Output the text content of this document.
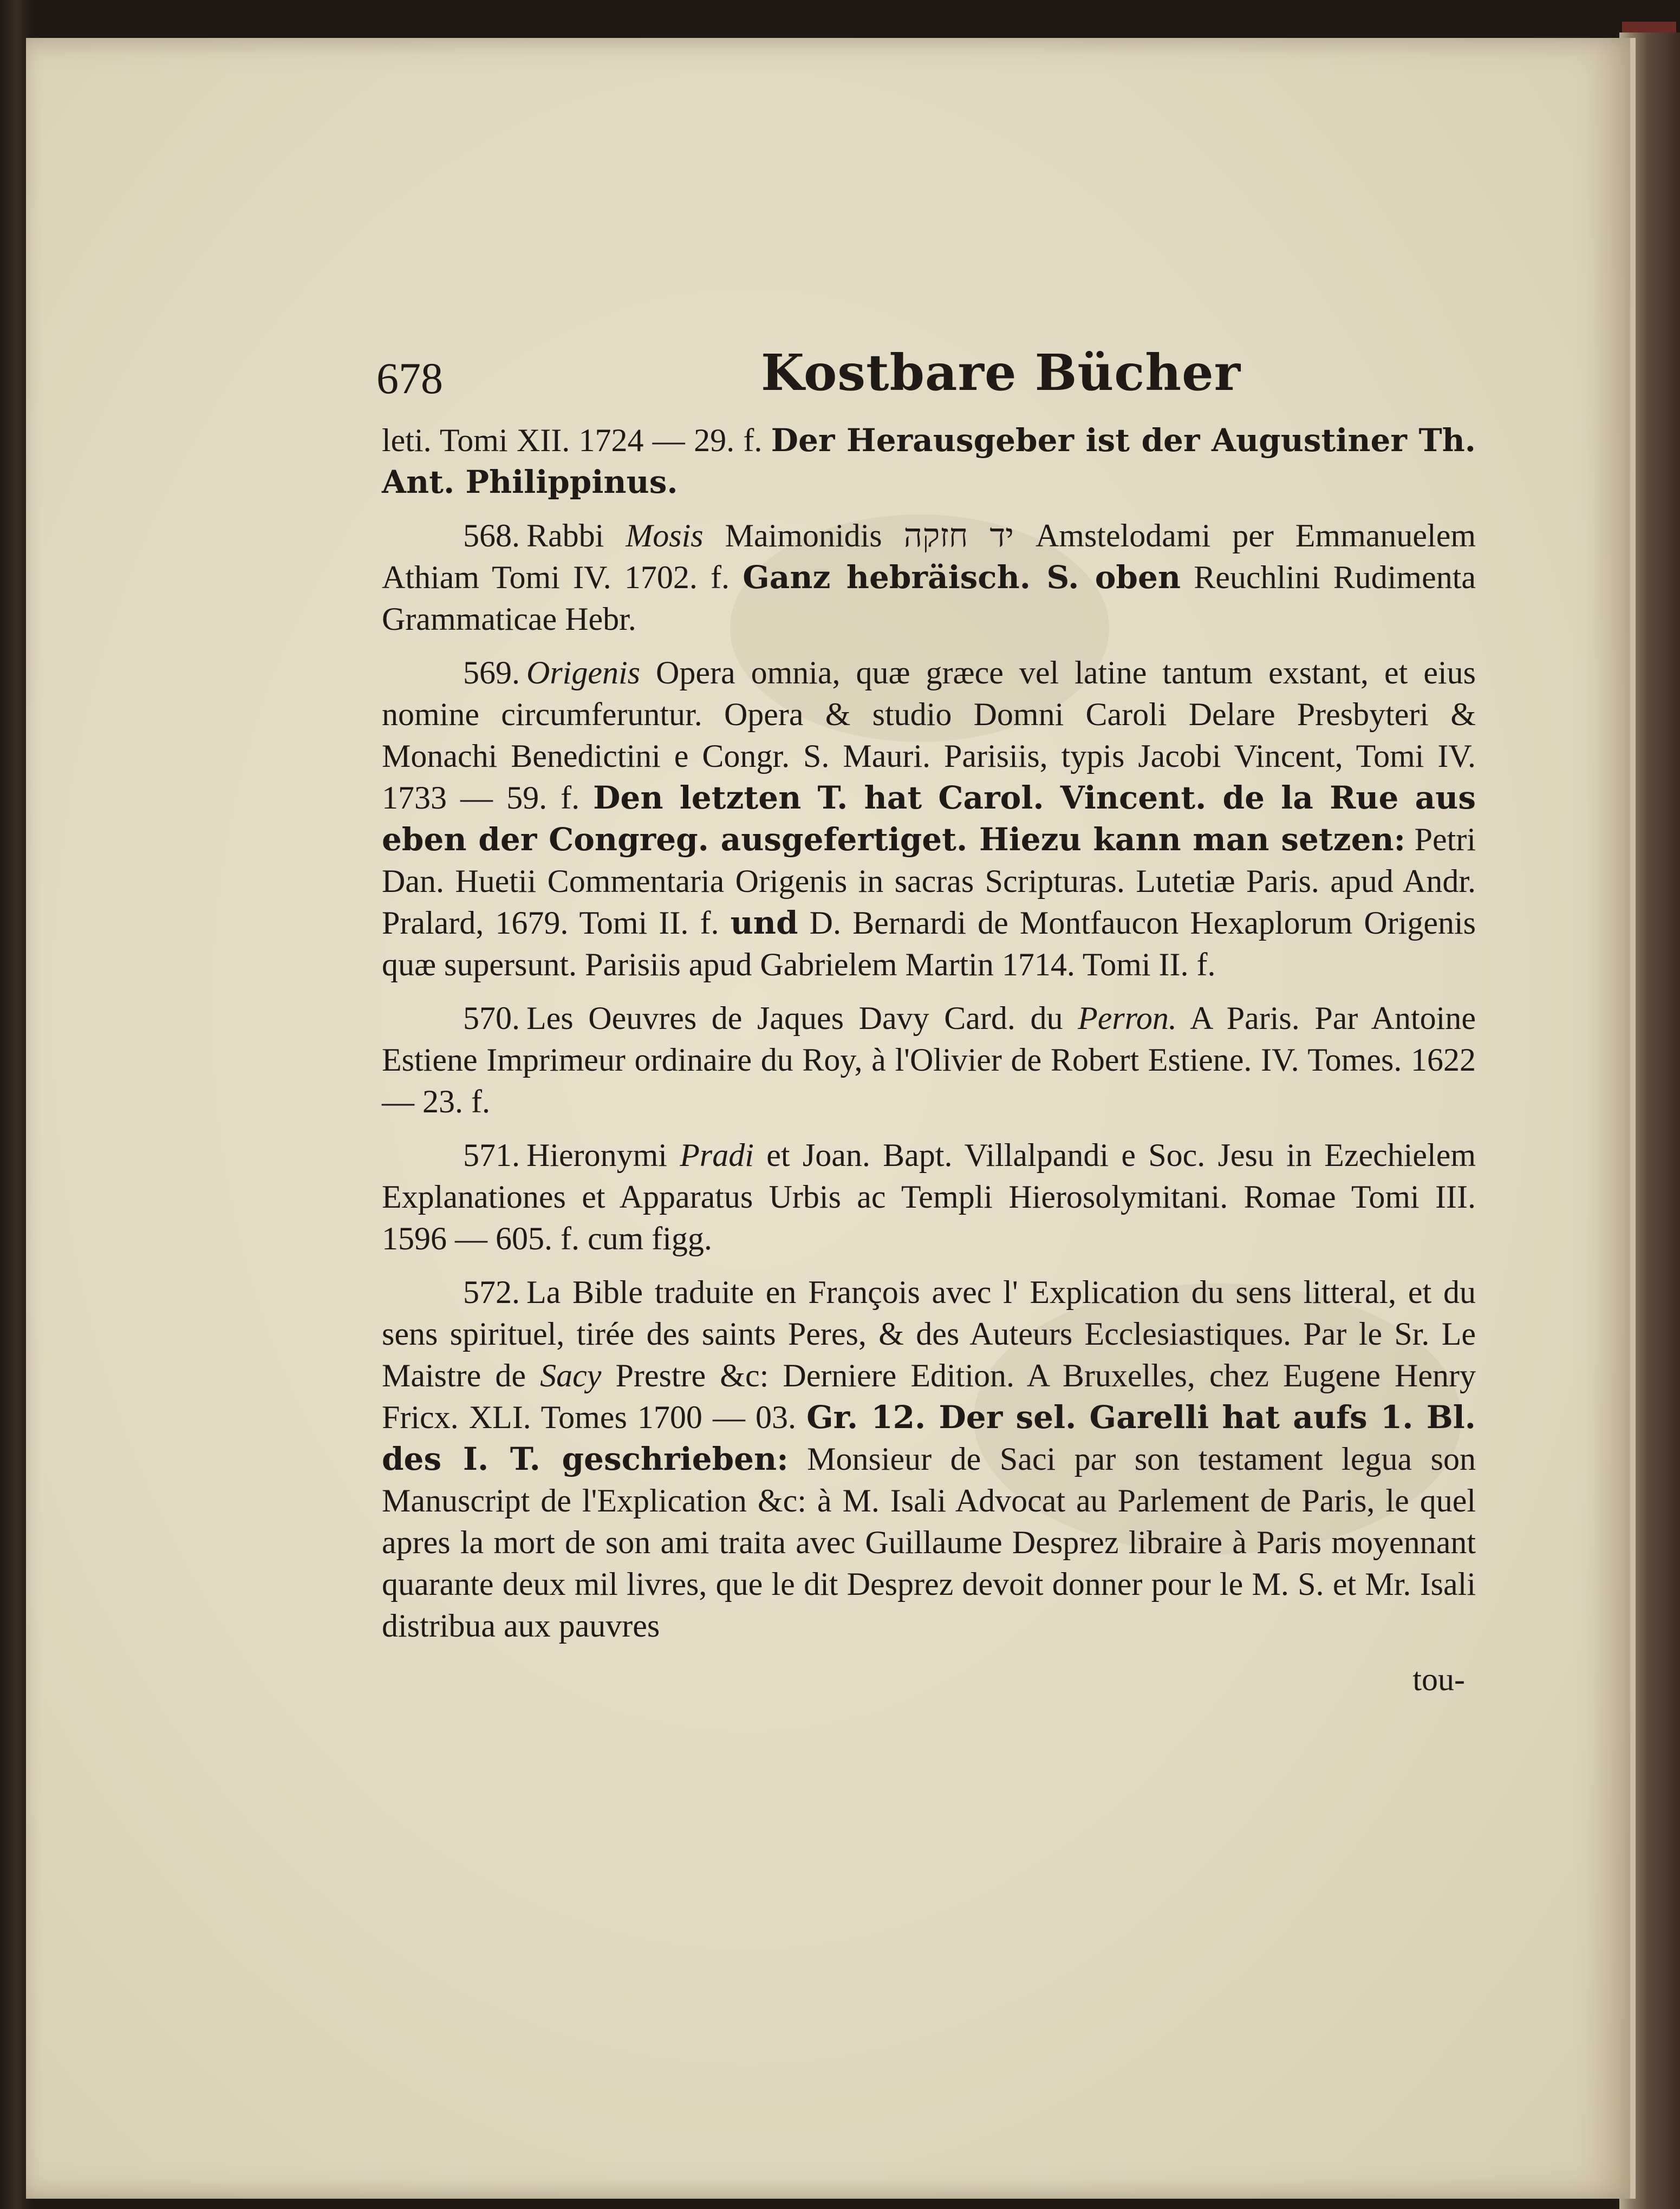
678	Kostbare Bücher
leti. Tomi XII. 1724 — 29. f. Der Herausgeber ist der Augustiner Th. Ant. Philippinus.
568. Rabbi Mosis Maimonidis יד חזקה Amstelodami per Emmanuelem Athiam Tomi IV. 1702. f. Ganz hebräisch. S. oben Reuchlini Rudimenta Grammaticae Hebr.
569. Origenis Opera omnia, quæ græce vel latine tantum exstant, et eius nomine circumferuntur. Opera & studio Domni Caroli Delare Presbyteri & Monachi Benedictini e Congr. S. Mauri. Parisiis, typis Jacobi Vincent, Tomi IV. 1733 — 59. f. Den letzten T. hat Carol. Vincent. de la Rue aus eben der Congreg. ausgefertiget. Hiezu kann man setzen: Petri Dan. Huetii Commentaria Origenis in sacras Scripturas. Lutetiæ Paris. apud Andr. Pralard, 1679. Tomi II. f. und D. Bernardi de Montfaucon Hexaplorum Origenis quæ supersunt. Parisiis apud Gabrielem Martin 1714. Tomi II. f.
570. Les Oeuvres de Jaques Davy Card. du Perron. A Paris. Par Antoine Estiene Imprimeur ordinaire du Roy, à l'Olivier de Robert Estiene. IV. Tomes. 1622 — 23. f.
571. Hieronymi Pradi et Joan. Bapt. Villalpandi e Soc. Jesu in Ezechielem Explanationes et Apparatus Urbis ac Templi Hierosolymitani. Romae Tomi III. 1596 — 605. f. cum figg.
572. La Bible traduite en François avec l' Explication du sens litteral, et du sens spirituel, tirée des saints Peres, & des Auteurs Ecclesiastiques. Par le Sr. Le Maistre de Sacy Prestre &c: Derniere Edition. A Bruxelles, chez Eugene Henry Fricx. XLI. Tomes 1700 — 03. Gr. 12. Der sel. Garelli hat aufs 1. Bl. des I. T. geschrieben: Monsieur de Saci par son testament legua son Manuscript de l'Explication &c: à M. Isali Advocat au Parlement de Paris, le quel apres la mort de son ami traita avec Guillaume Desprez libraire à Paris moyennant quarante deux mil livres, que le dit Desprez devoit donner pour le M. S. et Mr. Isali distribua aux pauvres
tou-
